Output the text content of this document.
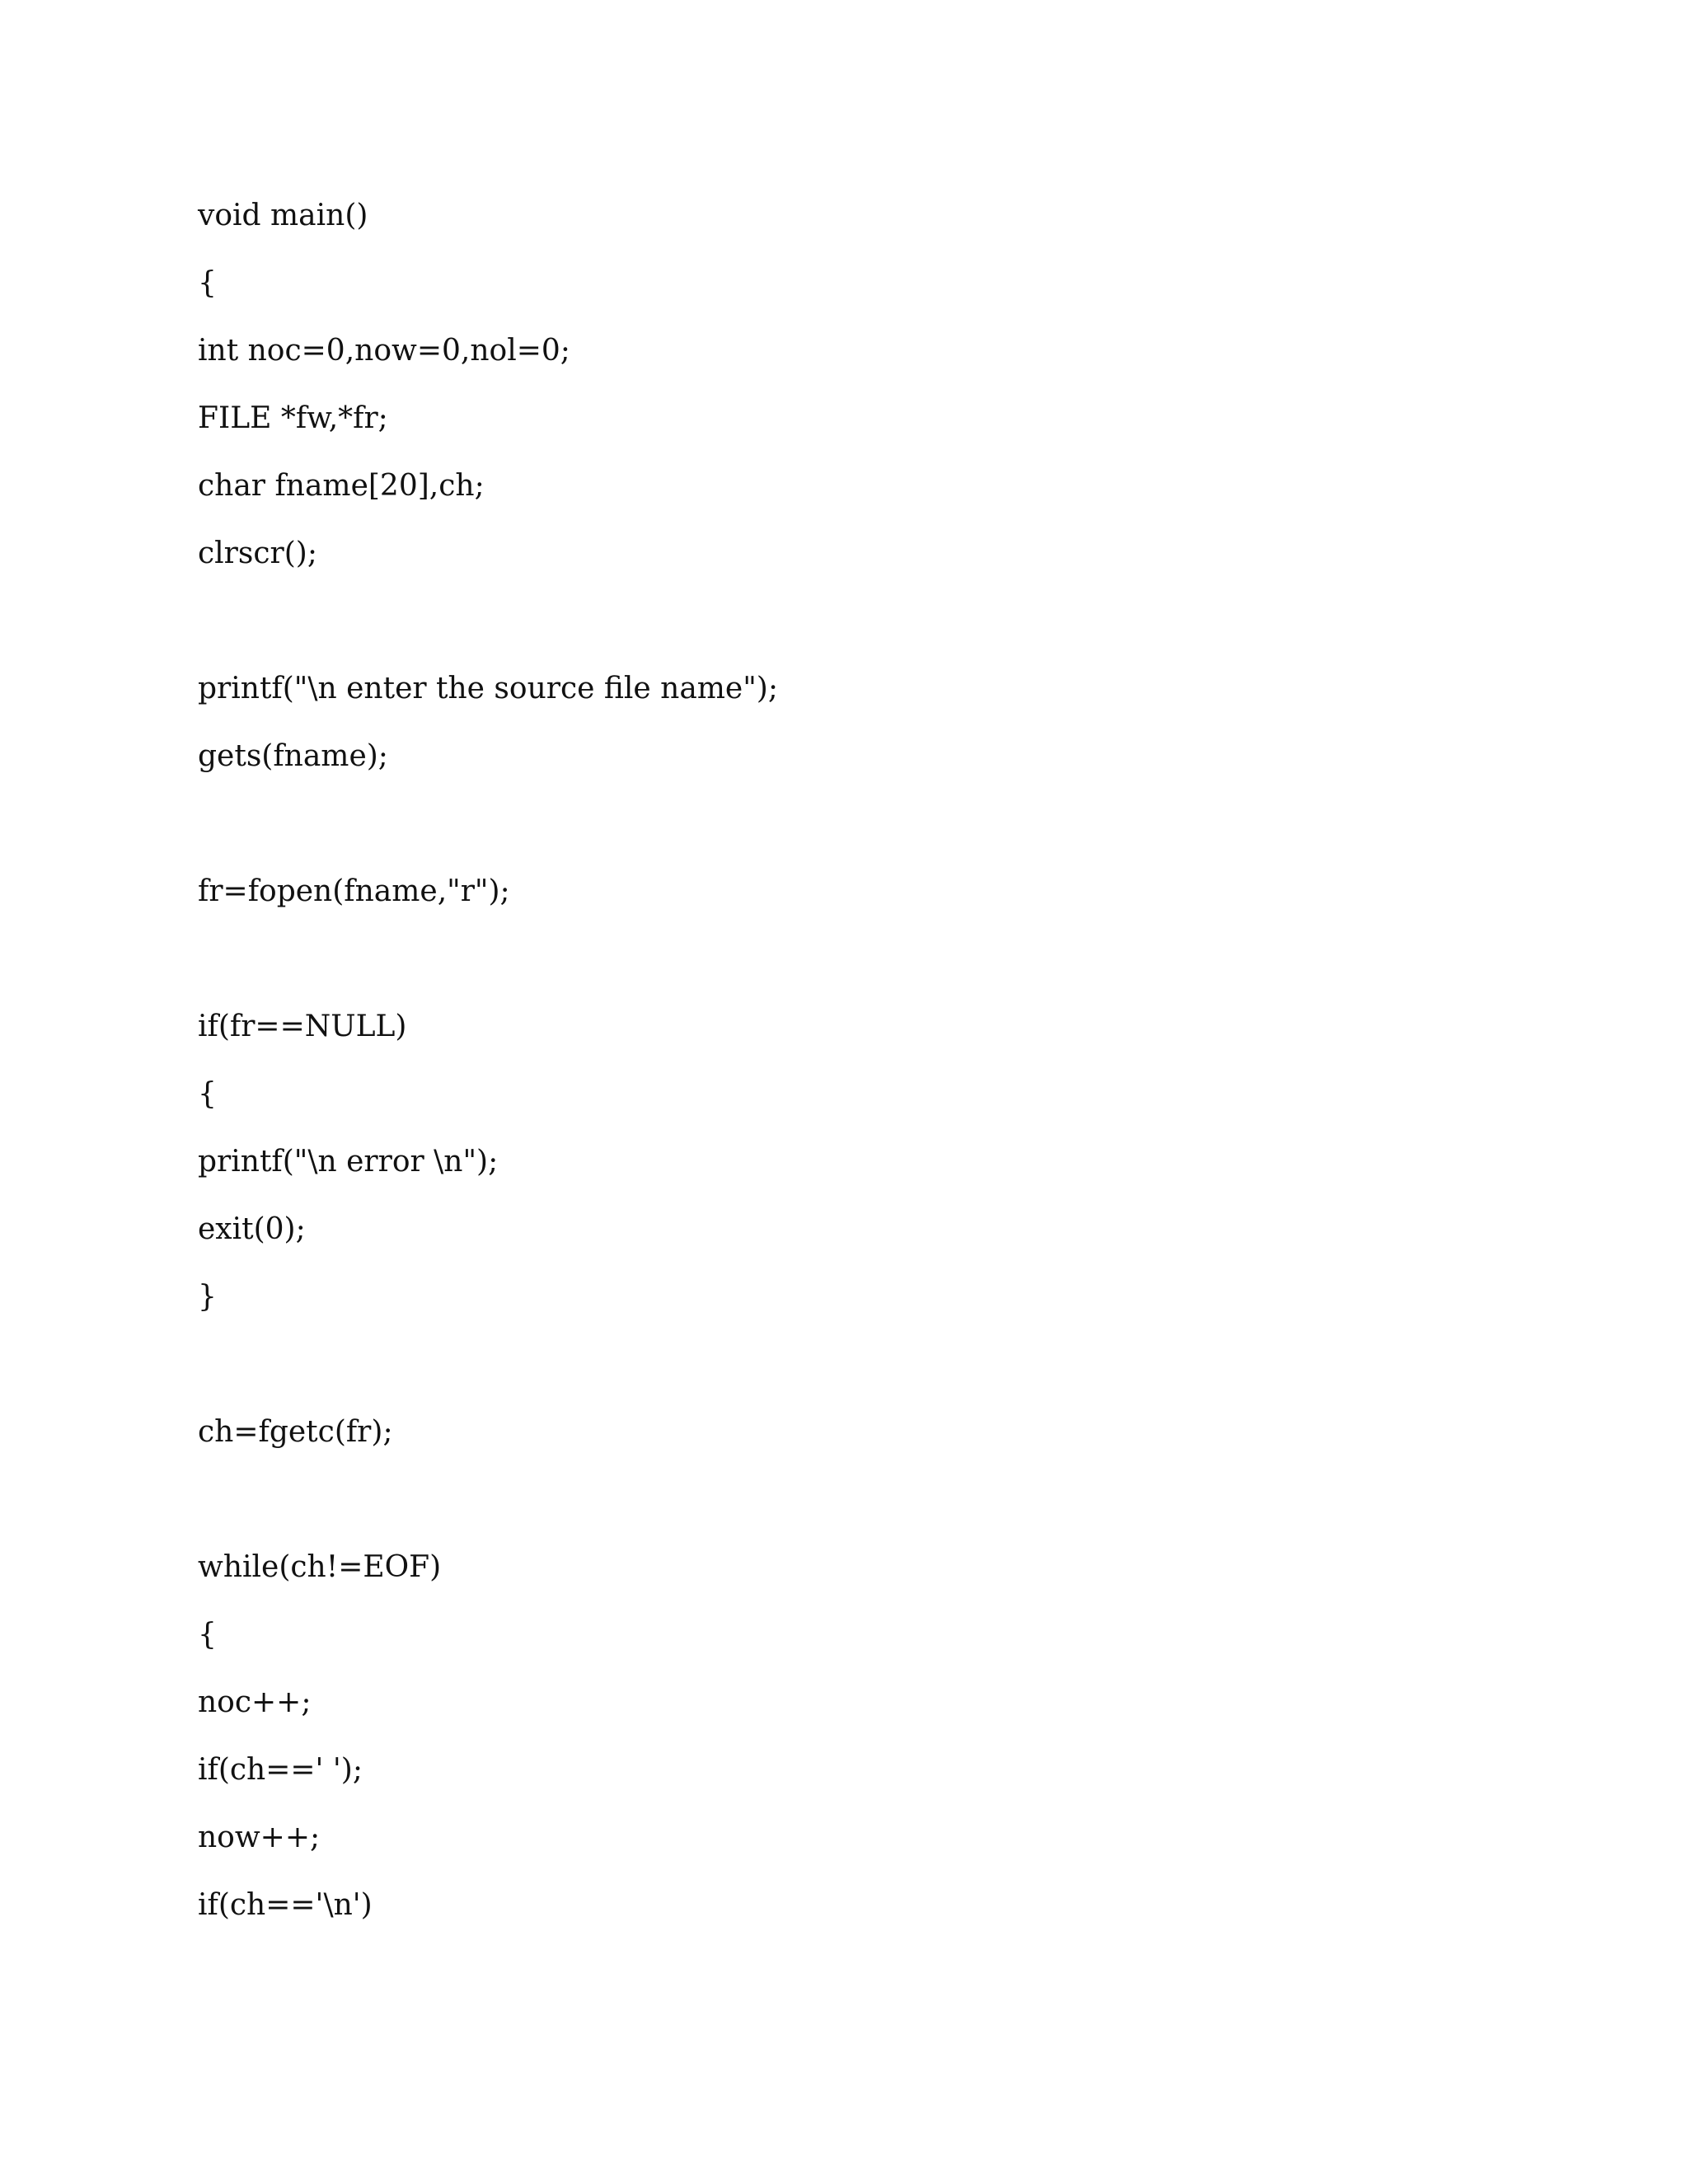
void main()
{
int noc=0,now=0,nol=0;
FILE *fw,*fr;
char fname[20],ch;
clrscr();
printf("\n enter the source file name");
gets(fname);
fr=fopen(fname,"r");
if(fr==NULL)
{
printf("\n error \n");
exit(0);
}
ch=fgetc(fr);
while(ch!=EOF)
{
noc++;
if(ch==' ');
now++;
if(ch=='\n')
